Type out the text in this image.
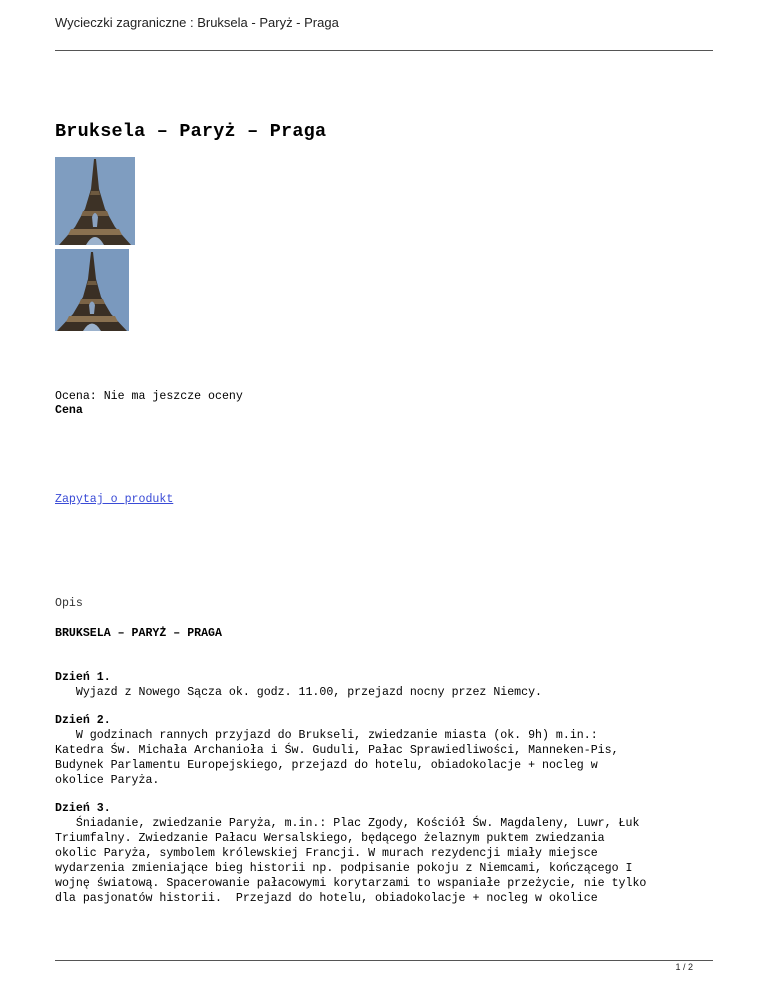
Wycieczki zagraniczne : Bruksela - Paryż - Praga
Bruksela – Paryż – Praga

Ocena: Nie ma jeszcze oceny

Cena

Zapytaj o produkt

Opis

BRUKSELA – PARYŻ – PRAGA

Dzień 1.
Wyjazd z Nowego Sącza ok. godz. 11.00, przejazd nocny przez Niemcy.
Dzień 2.
W godzinach rannych przyjazd do Brukseli, zwiedzanie miasta (ok. 9h) m.in.:
Katedra Św. Michała Archanioła i Św. Guduli, Pałac Sprawiedliwości, Manneken-Pis,
Budynek Parlamentu Europejskiego, przejazd do hotelu, obiadokolacje + nocleg w
okolice Paryża.
Dzień 3.
Śniadanie, zwiedzanie Paryża, m.in.: Plac Zgody, Kościół Św. Magdaleny, Luwr, Łuk
Triumfalny. Zwiedzanie Pałacu Wersalskiego, będącego żelaznym puktem zwiedzania
okolic Paryża, symbolem królewskiej Francji. W murach rezydencji miały miejsce
wydarzenia zmieniające bieg historii np. podpisanie pokoju z Niemcami, kończącego I
wojnę światową. Spacerowanie pałacowymi korytarzami to wspaniałe przeżycie, nie tylko
dla pasjonatów historii.  Przejazd do hotelu, obiadokolacje + nocleg w okolice
1 / 2
